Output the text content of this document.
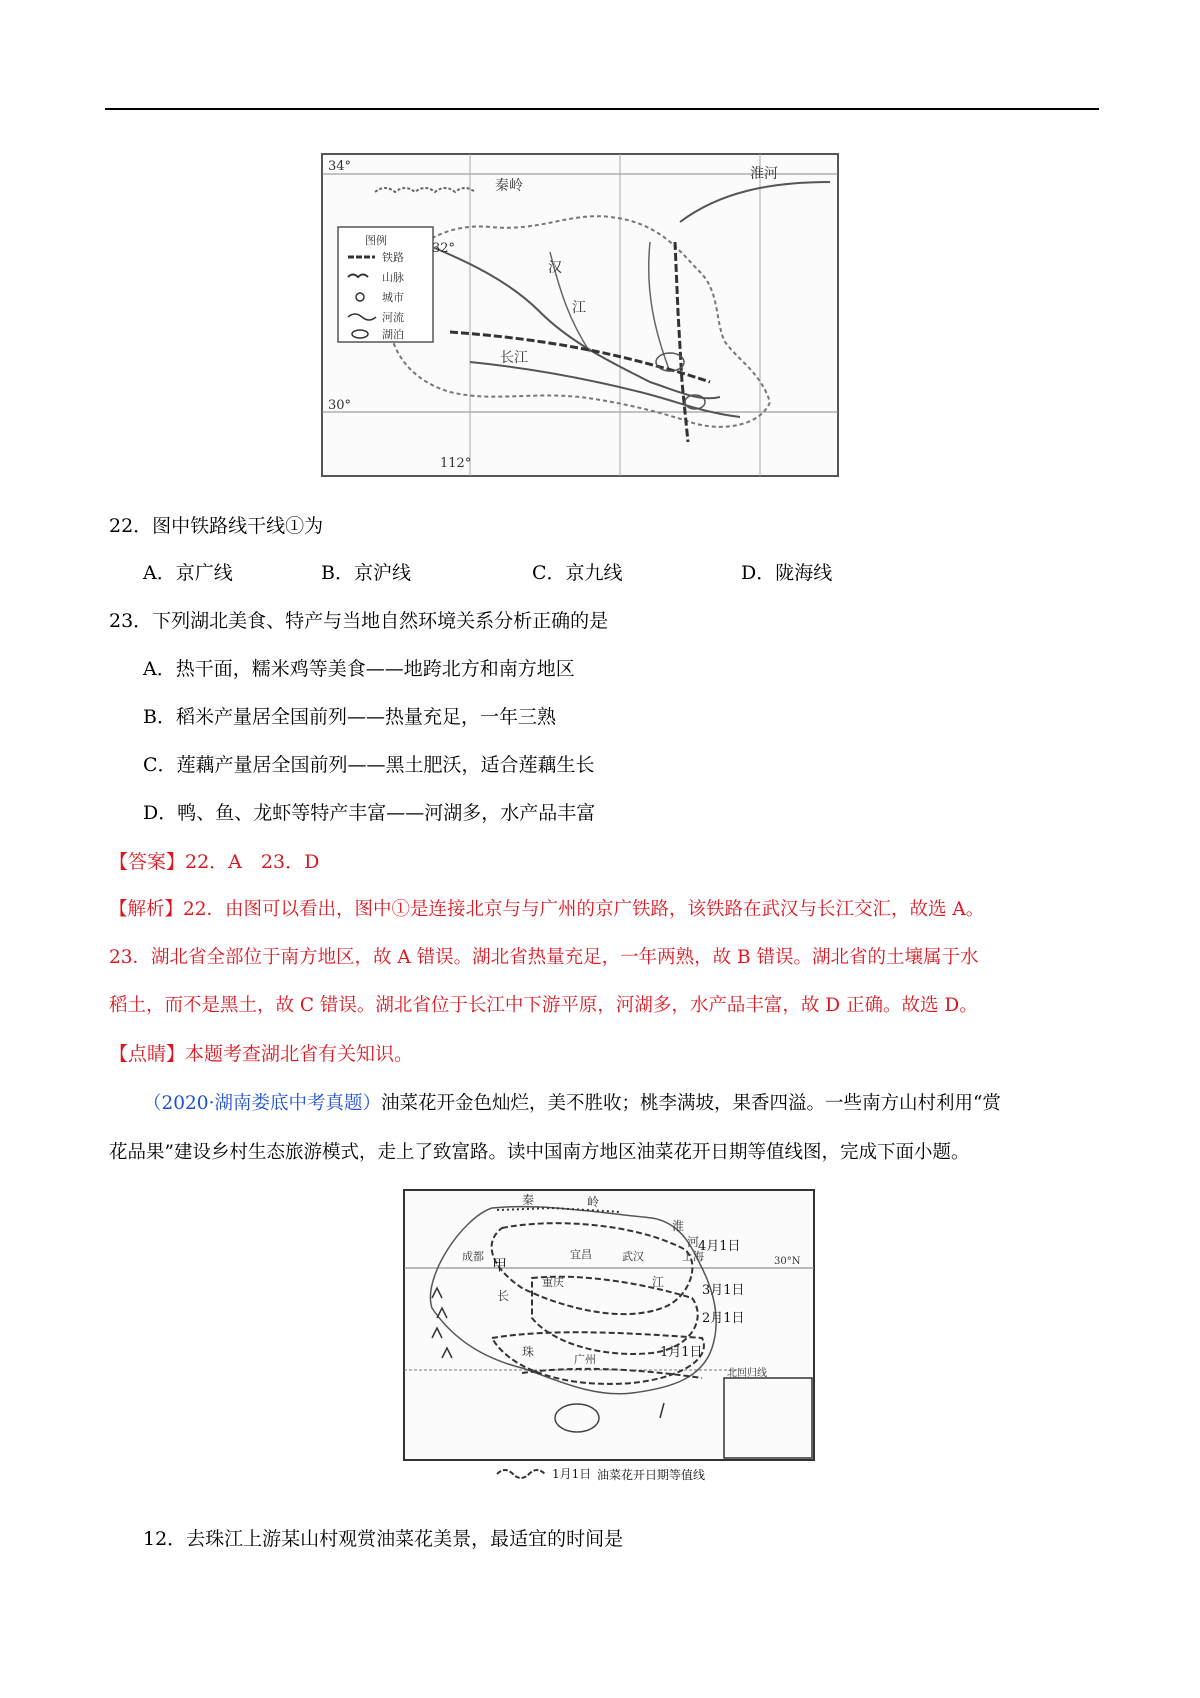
34°
32°
30°
112°
秦岭
淮河
汉
江
长江
图例
铁路
山脉
城市
河流
湖泊
22．图中铁路线干线①为
A．京广线	B．京沪线	C．京九线	D．陇海线
23．下列湖北美食、特产与当地自然环境关系分析正确的是
A．热干面，糯米鸡等美食——地跨北方和南方地区
B．稻米产量居全国前列——热量充足，一年三熟
C．莲藕产量居全国前列——黑土肥沃，适合莲藕生长
D．鸭、鱼、龙虾等特产丰富——河湖多，水产品丰富
【答案】22．A　23．D
【解析】22．由图可以看出，图中①是连接北京与与广州的京广铁路，该铁路在武汉与长江交汇，故选 A。
23．湖北省全部位于南方地区，故 A 错误。湖北省热量充足，一年两熟，故 B 错误。湖北省的土壤属于水
稻土，而不是黑土，故 C 错误。湖北省位于长江中下游平原，河湖多，水产品丰富，故 D 正确。故选 D。
【点睛】本题考查湖北省有关知识。
（2020·湖南娄底中考真题）油菜花开金色灿烂，美不胜收；桃李满坡，果香四溢。一些南方山村利用“赏
花品果”建设乡村生态旅游模式，走上了致富路。读中国南方地区油菜花开日期等值线图，完成下面小题。
秦	岭
淮
河
上海
宜昌	武汉
成都 甲
重庆
长
江
珠
广州
30°N
北回归线
4月1日
3月1日
2月1日
1月1日
1月1日 油菜花开日期等值线
12．去珠江上游某山村观赏油菜花美景，最适宜的时间是
